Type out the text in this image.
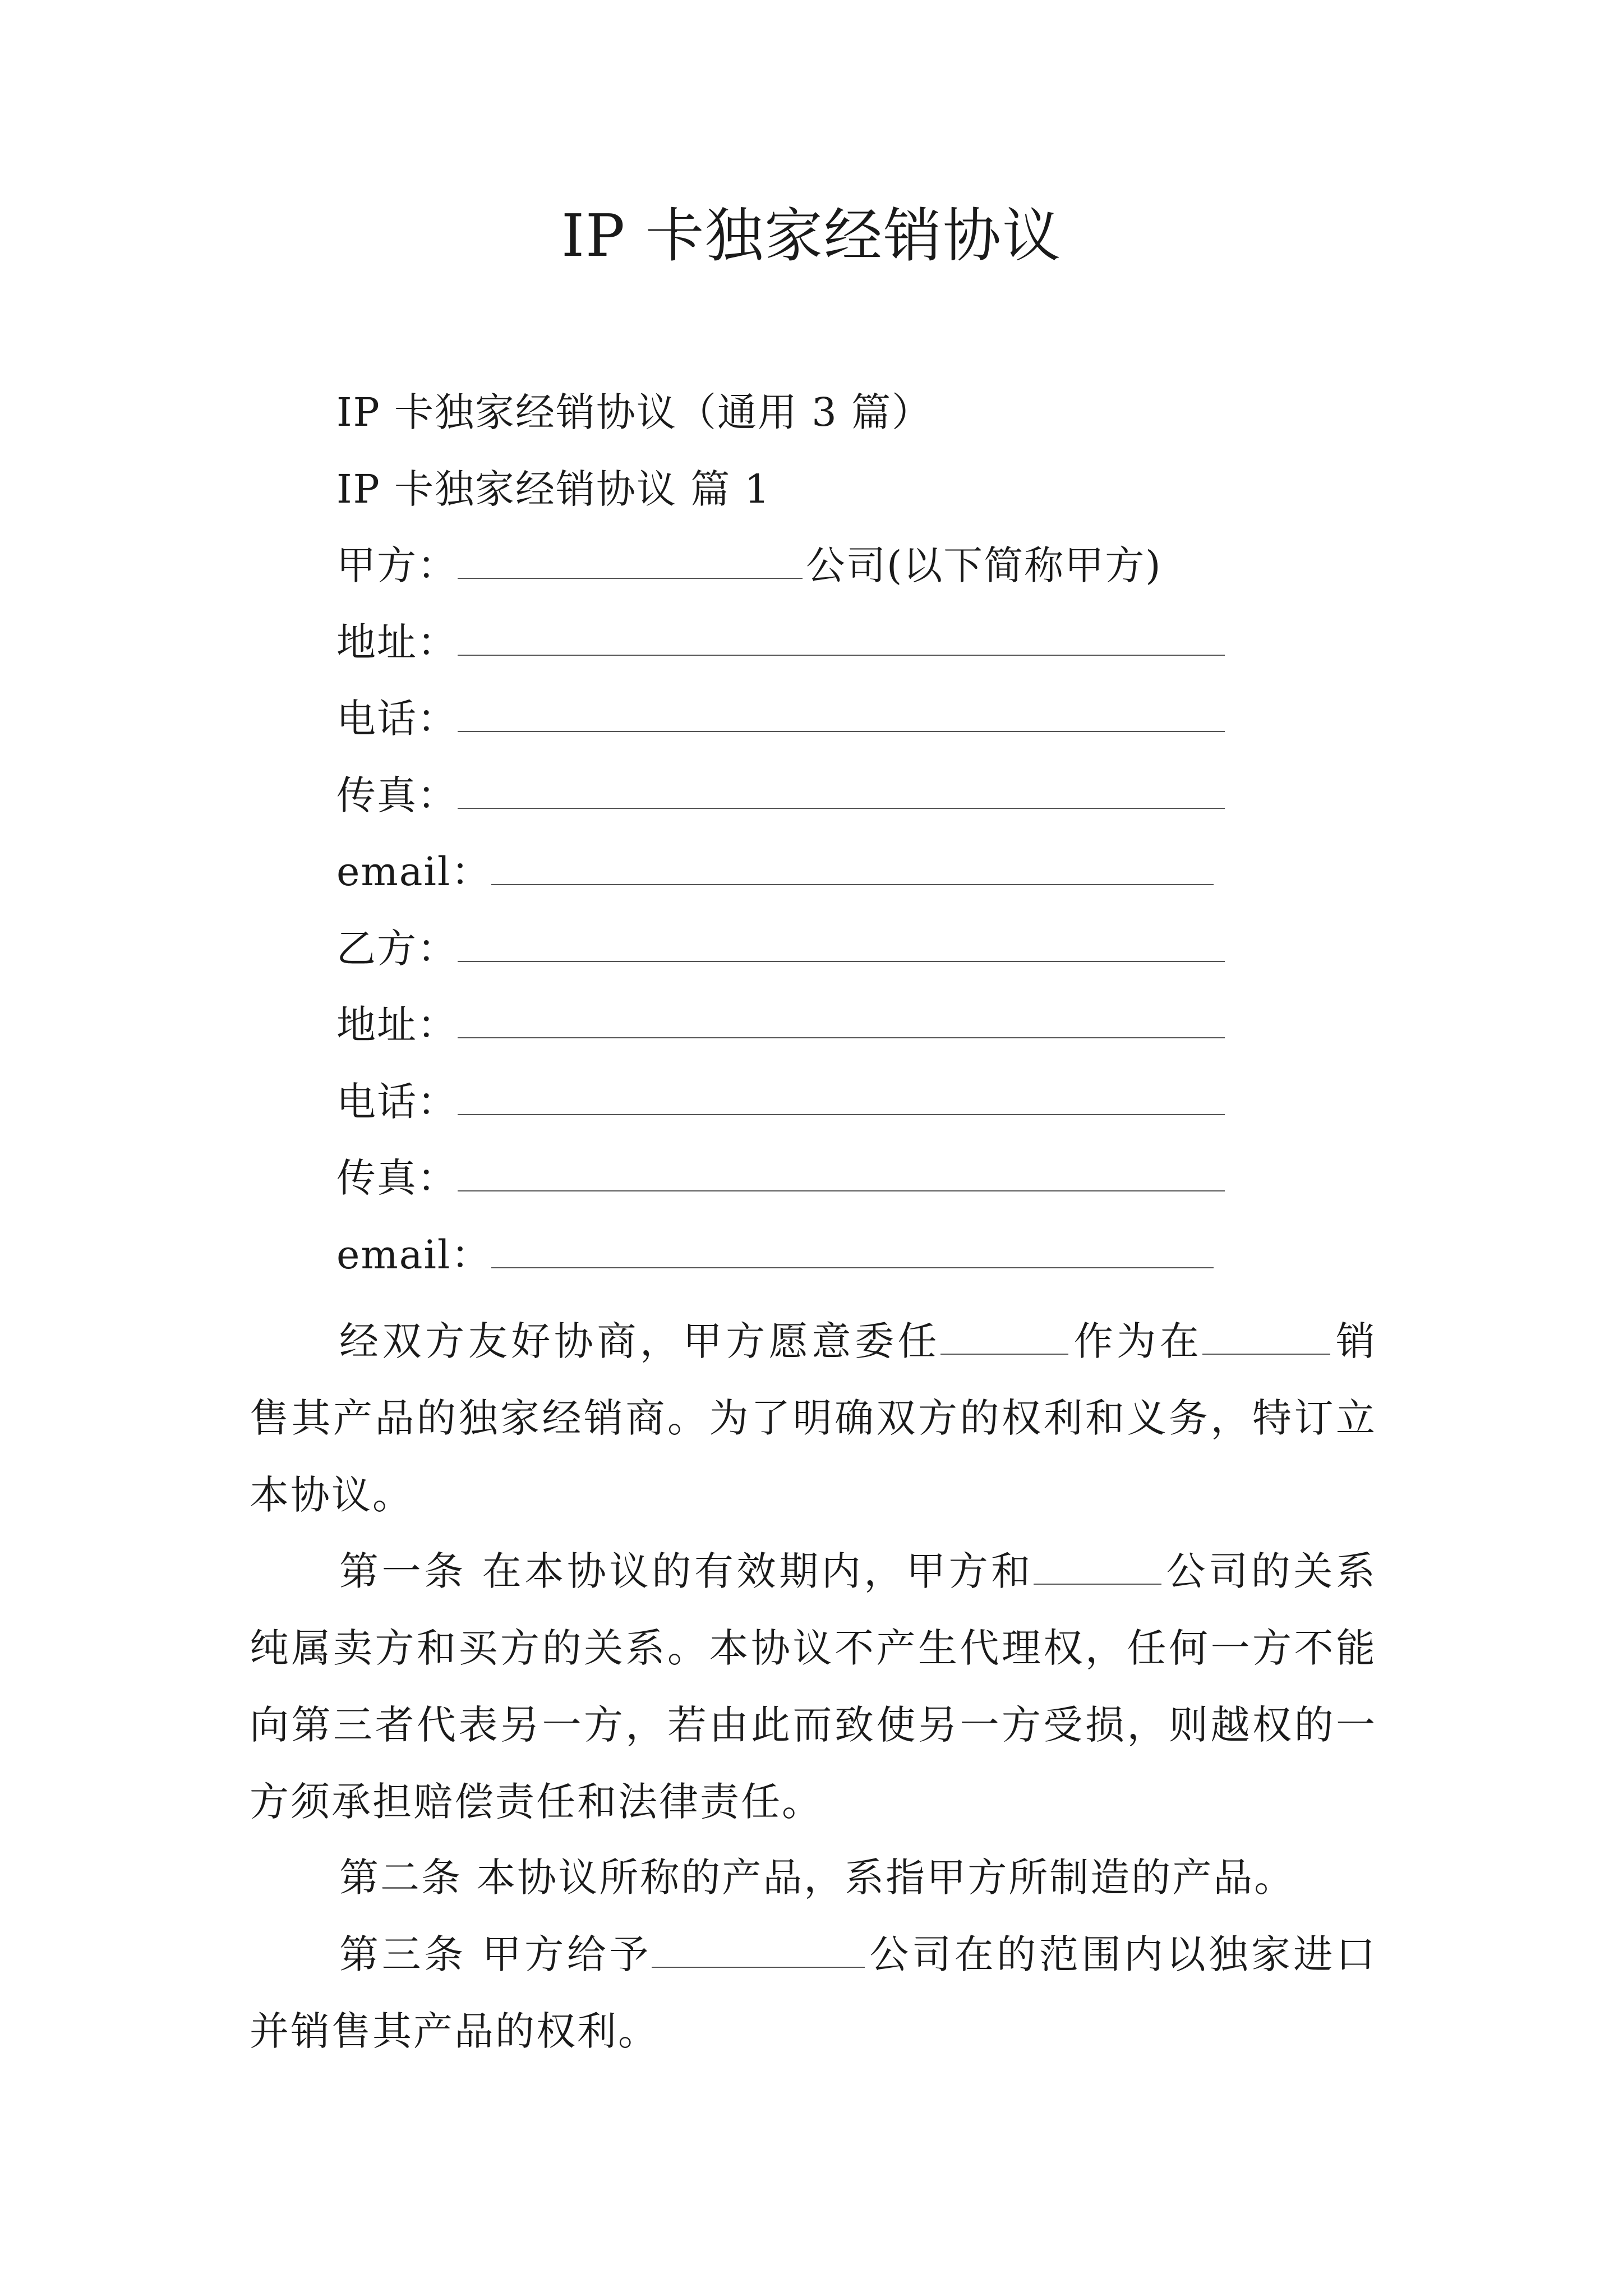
IP 卡独家经销协议
IP 卡独家经销协议（通用 3 篇）
IP 卡独家经销协议 篇 1
甲方：	公司(以下简称甲方)
地址：
电话：
传真：
email：
乙方：
地址：
电话：
传真：
email：
经双方友好协商，甲方愿意委任	作为在	销售其产品的独家经销商。为了明确双方的权利和义务，特订立本协议。
第一条 在本协议的有效期内，甲方和	公司的关系纯属卖方和买方的关系。本协议不产生代理权，任何一方不能向第三者代表另一方，若由此而致使另一方受损，则越权的一方须承担赔偿责任和法律责任。
第二条 本协议所称的产品，系指甲方所制造的产品。
第三条 甲方给予	公司在的范围内以独家进口并销售其产品的权利。
